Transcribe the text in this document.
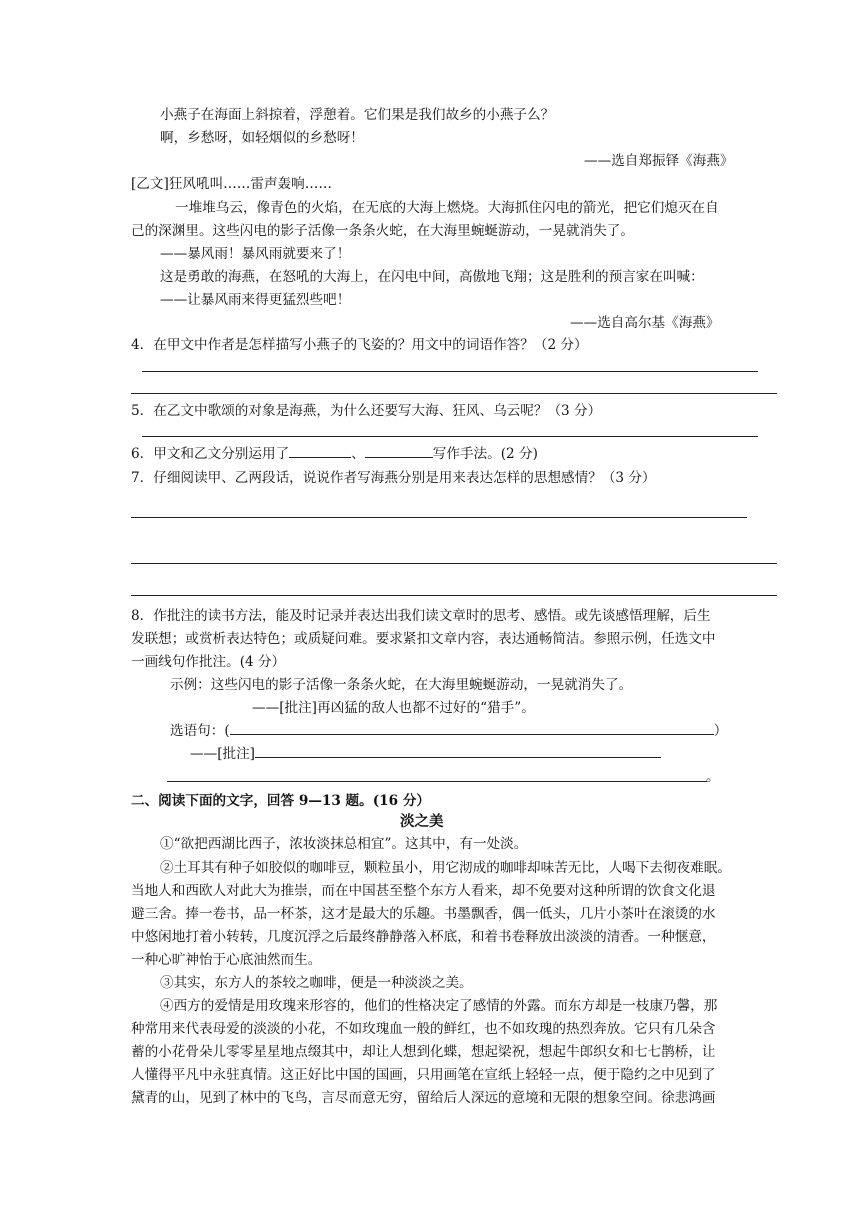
小燕子在海面上斜掠着，浮憩着。它们果是我们故乡的小燕子么？
啊，乡愁呀，如轻烟似的乡愁呀！
——选自郑振铎《海燕》
[乙文]狂风吼叫……雷声轰响……
一堆堆乌云，像青色的火焰，在无底的大海上燃烧。大海抓住闪电的箭光，把它们熄灭在自
己的深渊里。这些闪电的影子活像一条条火蛇，在大海里蜿蜒游动，一晃就消失了。
——暴风雨！暴风雨就要来了！
这是勇敢的海燕，在怒吼的大海上，在闪电中间，高傲地飞翔；这是胜利的预言家在叫喊：
——让暴风雨来得更猛烈些吧！
——选自高尔基《海燕》
4．在甲文中作者是怎样描写小燕子的飞姿的？用文中的词语作答？（2 分）
5．在乙文中歌颂的对象是海燕，为什么还要写大海、狂风、乌云呢？（3 分）
6．甲文和乙文分别运用了	、	写作手法。(2 分)
7．仔细阅读甲、乙两段话，说说作者写海燕分别是用来表达怎样的思想感情？（3 分）
8．作批注的读书方法，能及时记录并表达出我们读文章时的思考、感悟。或先谈感悟理解，后生
发联想；或赏析表达特色；或质疑问难。要求紧扣文章内容，表达通畅简洁。参照示例，任选文中
一画线句作批注。(4 分）
示例：这些闪电的影子活像一条条火蛇，在大海里蜿蜒游动，一晃就消失了。
——[批注]再凶猛的敌人也都不过好的“猎手”。
选语句：(	）
——[批注]
。
二、阅读下面的文字，回答 9—13 题。(16 分）
淡之美
①“欲把西湖比西子，浓妆淡抹总相宜”。这其中，有一处淡。
②土耳其有种子如胶似的咖啡豆，颗粒虽小，用它沏成的咖啡却味苦无比，人喝下去彻夜难眠。
当地人和西欧人对此大为推崇，而在中国甚至整个东方人看来，却不免要对这种所谓的饮食文化退
避三舍。捧一卷书，品一杯茶，这才是最大的乐趣。书墨飘香，偶一低头，几片小茶叶在滚烫的水
中悠闲地打着小转转，几度沉浮之后最终静静落入杯底，和着书卷释放出淡淡的清香。一种惬意，
一种心旷神怡于心底油然而生。
③其实，东方人的茶较之咖啡，便是一种淡淡之美。
④西方的爱情是用玫瑰来形容的，他们的性格决定了感情的外露。而东方却是一枝康乃馨，那
种常用来代表母爱的淡淡的小花，不如玫瑰血一般的鲜红，也不如玫瑰的热烈奔放。它只有几朵含
蓄的小花骨朵儿零零星星地点缀其中，却让人想到化蝶，想起梁祝，想起牛郎织女和七七鹊桥，让
人懂得平凡中永驻真情。这正好比中国的国画，只用画笔在宣纸上轻轻一点，便于隐约之中见到了
黛青的山，见到了林中的飞鸟，言尽而意无穷，留给后人深远的意境和无限的想象空间。徐悲鸿画
